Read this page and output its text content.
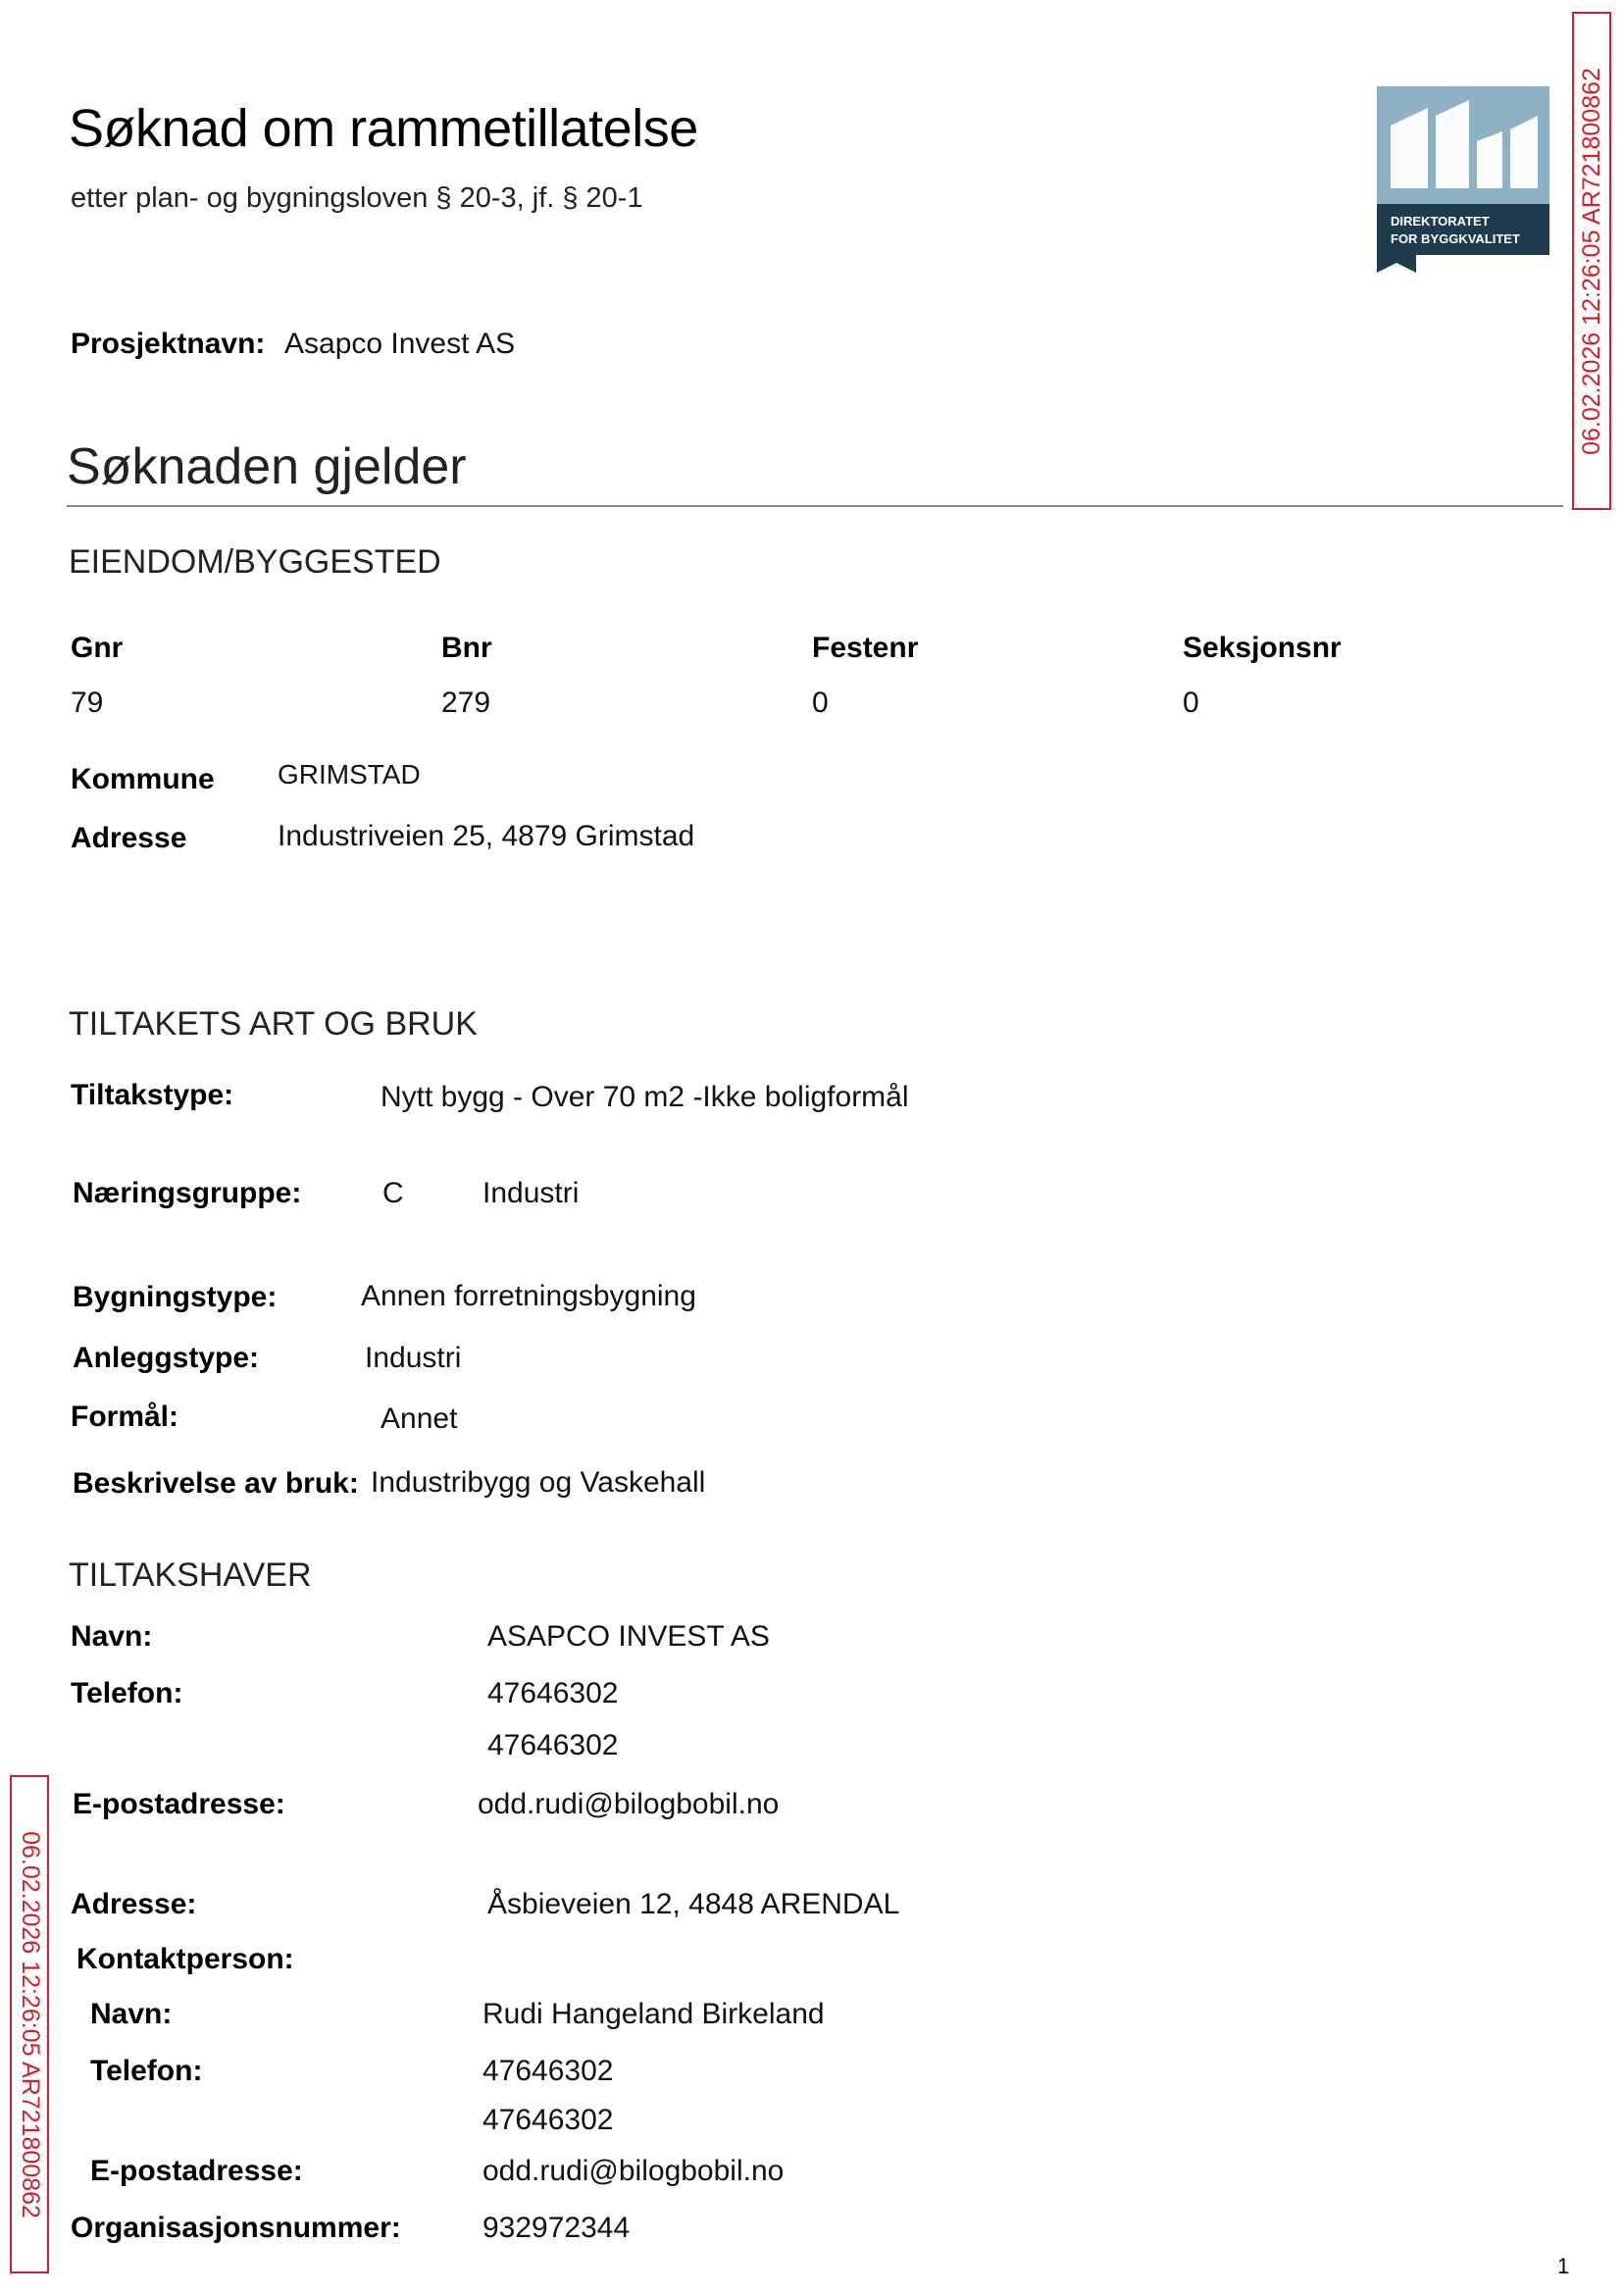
Søknad om rammetillatelse
etter plan- og bygningsloven § 20-3, jf. § 20-1
DIREKTORATET
FOR BYGGKVALITET 06.02.2026 12:26:05 AR721800862
06.02.2026 12:26:05 AR721800862
Prosjektnavn: Asapco Invest AS
Søknaden gjelder
EIENDOM/BYGGESTED
Gnr	Bnr	Festenr	Seksjonsnr
79	279	0	0
Kommune GRIMSTAD
Adresse	Industriveien 25, 4879 Grimstad
TILTAKETS ART OG BRUK
Tiltakstype:	Nytt bygg - Over 70 m2 -Ikke boligformål
Næringsgruppe:	C	Industri
Bygningstype:	Annen forretningsbygning
Anleggstype:	Industri
Formål:	Annet
Beskrivelse av bruk: Industribygg og Vaskehall
TILTAKSHAVER
Navn:	ASAPCO INVEST AS
Telefon:	47646302
47646302
E-postadresse:	odd.rudi@bilogbobil.no
Adresse:	Åsbieveien 12, 4848 ARENDAL
Kontaktperson:
Navn:	Rudi Hangeland Birkeland
Telefon:	47646302
47646302
E-postadresse:	odd.rudi@bilogbobil.no
Organisasjonsnummer:	932972344
1
